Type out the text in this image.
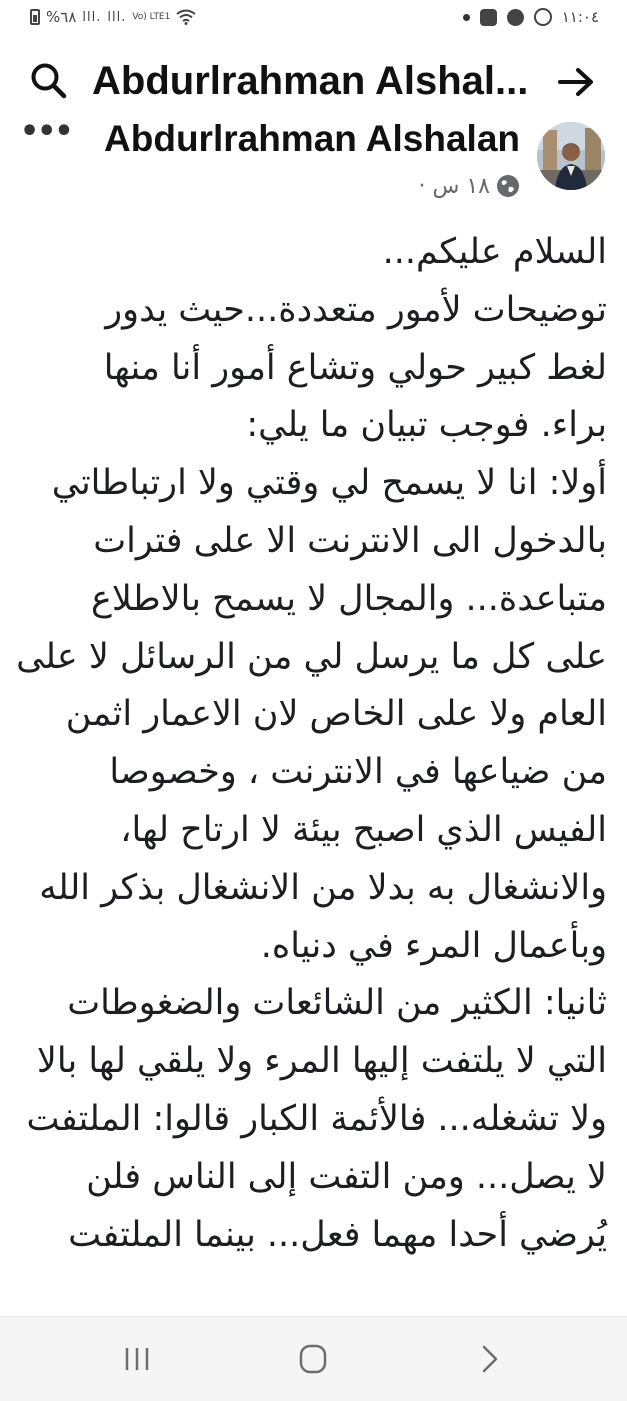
%٦٨ lll. lll. Vo) LTE1	١١:٠٤
Abdurlrahman Alshal...
••• Abdurlrahman Alshalan
١٨ س ·
السلام عليكم...
توضيحات لأمور متعددة...حيث يدور
لغط كبير حولي وتشاع أمور أنا منها
براء. فوجب تبيان ما يلي:
أولا: انا لا يسمح لي وقتي ولا ارتباطاتي
بالدخول الى الانترنت الا على فترات
متباعدة... والمجال لا يسمح بالاطلاع
على كل ما يرسل لي من الرسائل لا على
العام ولا على الخاص لان الاعمار اثمن
من ضياعها في الانترنت ، وخصوصا
الفيس الذي اصبح بيئة لا ارتاح لها،
والانشغال به بدلا من الانشغال بذكر الله
وبأعمال المرء في دنياه.
ثانيا: الكثير من الشائعات والضغوطات
التي لا يلتفت إليها المرء ولا يلقي لها بالا
ولا تشغله... فالأئمة الكبار قالوا: الملتفت
لا يصل... ومن التفت إلى الناس فلن
يُرضي أحدا مهما فعل... بينما الملتفت
